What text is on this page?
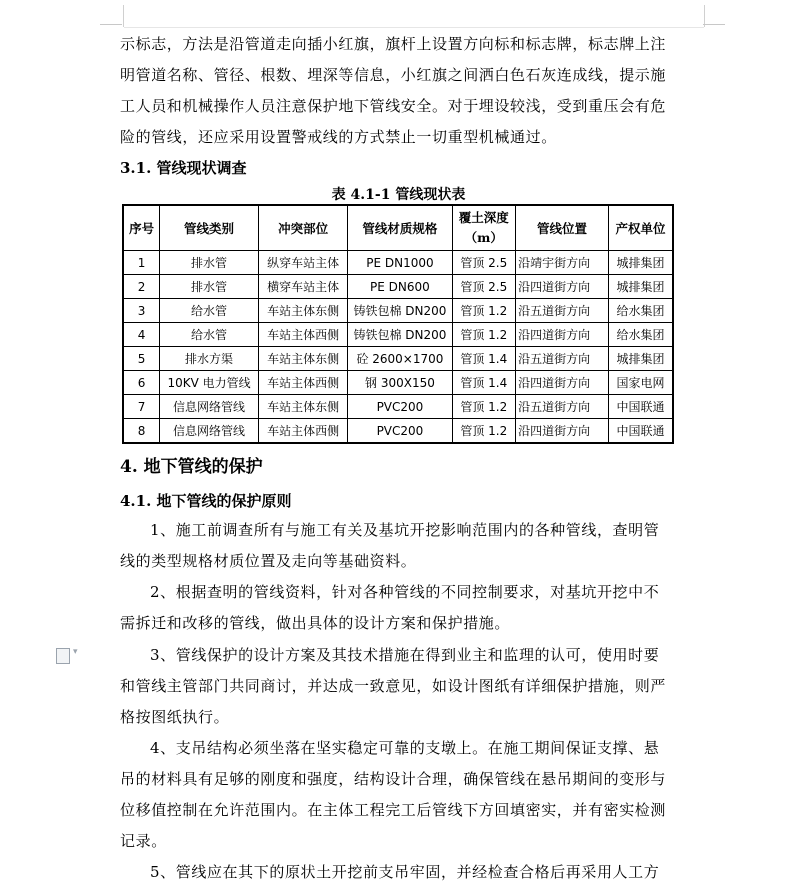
示标志，方法是沿管道走向插小红旗，旗杆上设置方向标和标志牌，标志牌上注
明管道名称、管径、根数、埋深等信息，小红旗之间洒白色石灰连成线，提示施
工人员和机械操作人员注意保护地下管线安全。对于埋设较浅，受到重压会有危
险的管线，还应采用设置警戒线的方式禁止一切重型机械通过。
3.1. 管线现状调查
表 4.1-1 管线现状表
序号	管线类别	冲突部位	管线材质规格	覆土深度（m）	管线位置	产权单位
1	排水管	纵穿车站主体	PE DN1000	管顶 2.5	沿靖宇街方向	城排集团
2	排水管	横穿车站主体	PE DN600	管顶 2.5	沿四道街方向	城排集团
3	给水管	车站主体东侧	铸铁包棉 DN200	管顶 1.2	沿五道街方向	给水集团
4	给水管	车站主体西侧	铸铁包棉 DN200	管顶 1.2	沿四道街方向	给水集团
5	排水方渠	车站主体东侧	砼 2600×1700	管顶 1.4	沿五道街方向	城排集团
6	10KV 电力管线	车站主体西侧	钢 300X150	管顶 1.4	沿四道街方向	国家电网
7	信息网络管线	车站主体东侧	PVC200	管顶 1.2	沿五道街方向	中国联通
8	信息网络管线	车站主体西侧	PVC200	管顶 1.2	沿四道街方向	中国联通
4. 地下管线的保护
4.1. 地下管线的保护原则
1、施工前调查所有与施工有关及基坑开挖影响范围内的各种管线，查明管
线的类型规格材质位置及走向等基础资料。
2、根据查明的管线资料，针对各种管线的不同控制要求，对基坑开挖中不
需拆迁和改移的管线，做出具体的设计方案和保护措施。
▾
3、管线保护的设计方案及其技术措施在得到业主和监理的认可，使用时要
和管线主管部门共同商讨，并达成一致意见，如设计图纸有详细保护措施，则严
格按图纸执行。
4、支吊结构必须坐落在坚实稳定可靠的支墩上。在施工期间保证支撑、悬
吊的材料具有足够的刚度和强度，结构设计合理，确保管线在悬吊期间的变形与
位移值控制在允许范围内。在主体工程完工后管线下方回填密实，并有密实检测
记录。
5、管线应在其下的原状土开挖前支吊牢固，并经检查合格后再采用人工方
